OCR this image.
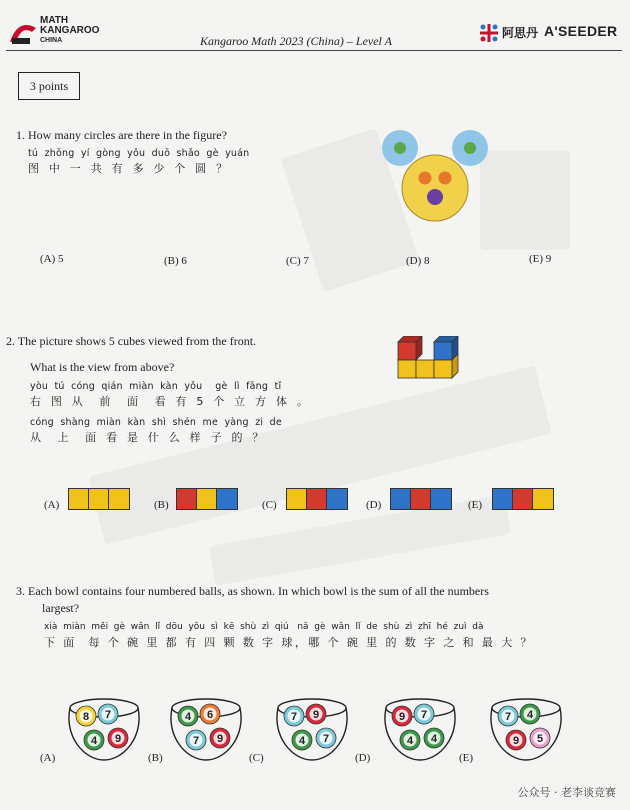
MATH
KANGAROO
CHINA	Kangaroo Math 2023 (China) – Level A
阿思丹 A'SEEDER
3 points
1. How many circles are there in the figure?
tú  zhōng  yí  gòng  yǒu  duō  shǎo  gè  yuán
图 中 一 共 有 多 少 个 圆 ？
(A) 5	(B) 6	(C) 7	(D) 8	(E) 9
2. The picture shows 5 cubes viewed from the front.
What is the view from above?
yòu  tú  cóng  qián  miàn  kàn  yǒu    gè  lì  fāng  tǐ
右 图 从  前  面  看 有 5 个 立 方 体 。
cóng  shàng  miàn  kàn  shì  shén  me  yàng  zi  de
从  上  面 看 是 什 么 样 子 的 ？
(A)	(B)	(C)	(D)	(E)
3. Each bowl contains four numbered balls, as shown. In which bowl is the sum of all the numbers
largest?
xià  miàn  měi  gè  wǎn  lǐ  dōu  yǒu  sì  kē  shù  zì  qiú   nǎ  gè  wǎn  lǐ  de  shù  zì  zhī  hé  zuì  dà
下 面  每 个 碗 里 都 有 四 颗 数 字 球，哪 个 碗 里 的 数 字 之 和 最 大 ？
(A)	(B)	(C)	(D)	(E)
8 7
4 9
4 6
7 9
7 9
4 7
9 7
4 4
7 4
9 5
公众号 · 老李谈竞赛
